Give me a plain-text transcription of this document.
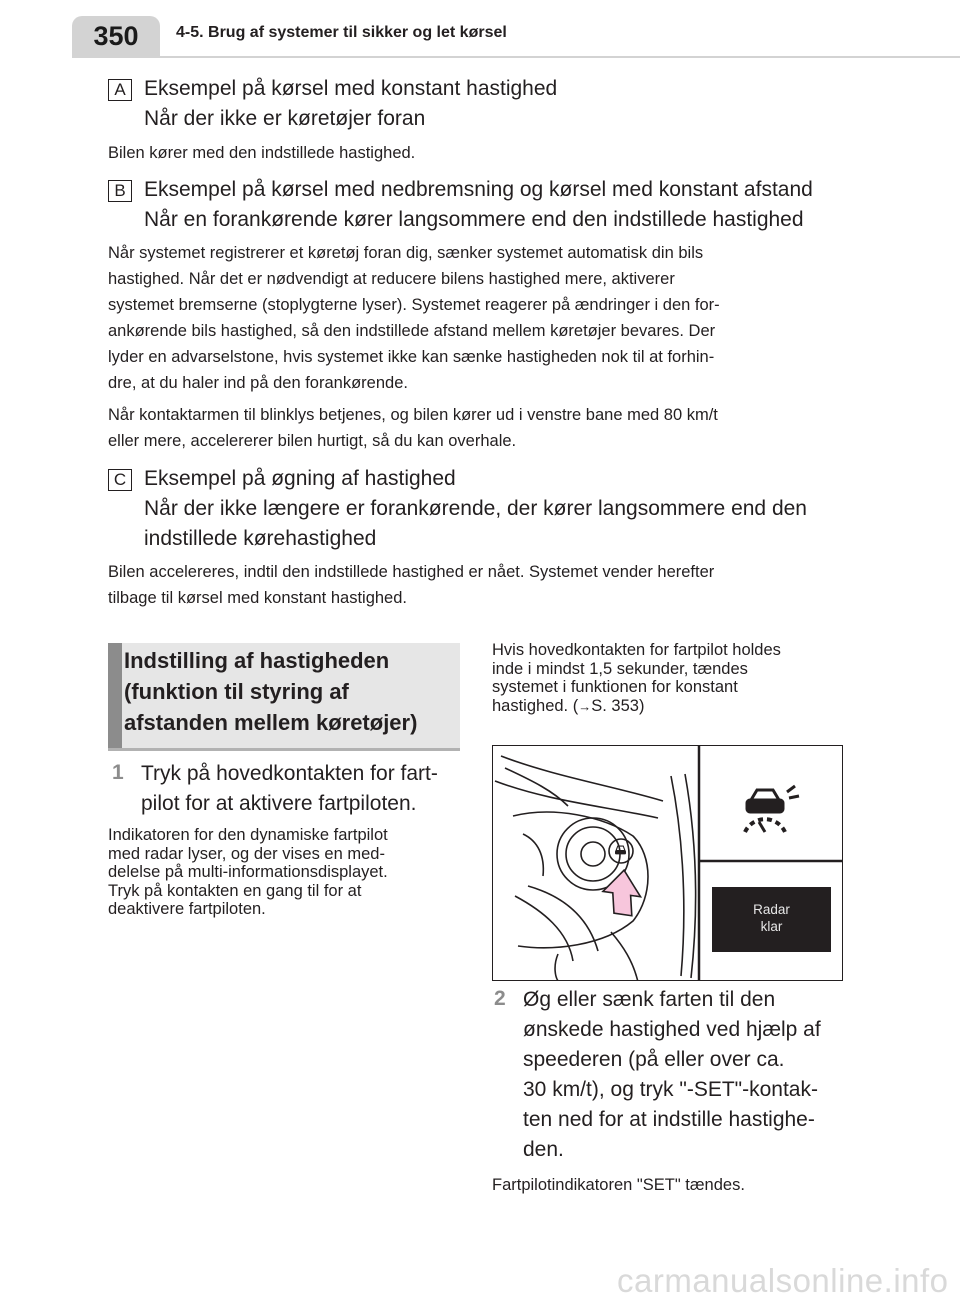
350	4-5. Brug af systemer til sikker og let kørsel
A Eksempel på kørsel med konstant hastighed
Når der ikke er køretøjer foran
Bilen kører med den indstillede hastighed.
B Eksempel på kørsel med nedbremsning og kørsel med konstant afstand
Når en forankørende kører langsommere end den indstillede hastighed
Når systemet registrerer et køretøj foran dig, sænker systemet automatisk din bils
hastighed. Når det er nødvendigt at reducere bilens hastighed mere, aktiverer
systemet bremserne (stoplygterne lyser). Systemet reagerer på ændringer i den for-
ankørende bils hastighed, så den indstillede afstand mellem køretøjer bevares. Der
lyder en advarselstone, hvis systemet ikke kan sænke hastigheden nok til at forhin-
dre, at du haler ind på den forankørende.
Når kontaktarmen til blinklys betjenes, og bilen kører ud i venstre bane med 80 km/t
eller mere, accelererer bilen hurtigt, så du kan overhale.
C Eksempel på øgning af hastighed
Når der ikke længere er forankørende, der kører langsommere end den
indstillede kørehastighed
Bilen accelereres, indtil den indstillede hastighed er nået. Systemet vender herefter
tilbage til kørsel med konstant hastighed.
Indstilling af hastigheden
(funktion til styring af
afstanden mellem køretøjer)
1 Tryk på hovedkontakten for fart-
pilot for at aktivere fartpiloten.
Indikatoren for den dynamiske fartpilot
med radar lyser, og der vises en med-
delelse på multi-informationsdisplayet.
Tryk på kontakten en gang til for at
deaktivere fartpiloten.
Hvis hovedkontakten for fartpilot holdes
inde i mindst 1,5 sekunder, tændes
systemet i funktionen for konstant
hastighed. (→S. 353)
Radar
klar
2 Øg eller sænk farten til den
ønskede hastighed ved hjælp af
speederen (på eller over ca.
30 km/t), og tryk "-SET"-kontak-
ten ned for at indstille hastighe-
den.
Fartpilotindikatoren "SET" tændes.
carmanualsonline.info
